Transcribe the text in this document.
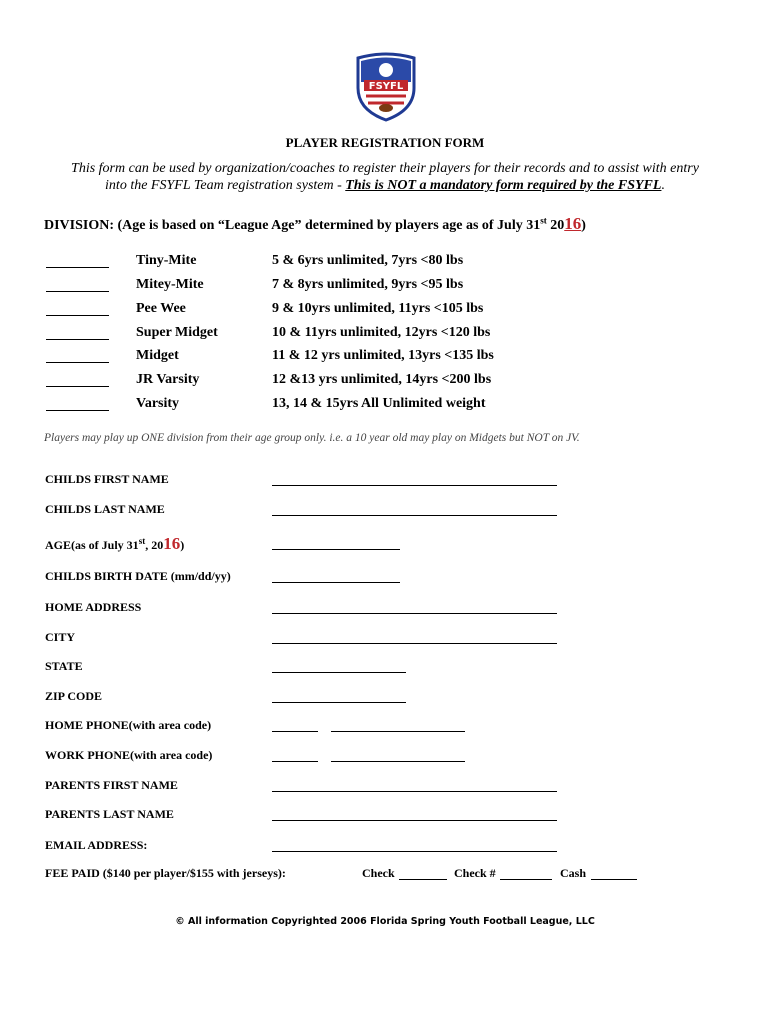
FSYFL
PLAYER REGISTRATION FORM
This form can be used by organization/coaches to register their players for their records and to assist with entry
into the FSYFL Team registration system - This is NOT a mandatory form required by the FSYFL.
DIVISION: (Age is based on “League Age” determined by players age as of July 31st 2016)
Tiny-Mite	5 & 6yrs unlimited, 7yrs <80 lbs
Mitey-Mite	7 & 8yrs unlimited, 9yrs <95 lbs
Pee Wee	9 & 10yrs unlimited, 11yrs <105 lbs
Super Midget	10 & 11yrs unlimited, 12yrs <120 lbs
Midget	11 & 12 yrs unlimited, 13yrs <135 lbs
JR Varsity	12 &13 yrs unlimited, 14yrs <200 lbs
Varsity	13, 14 & 15yrs All Unlimited weight
Players may play up ONE division from their age group only. i.e. a 10 year old may play on Midgets but NOT on JV.
CHILDS FIRST NAME
CHILDS LAST NAME
AGE(as of July 31st, 2016)
CHILDS BIRTH DATE (mm/dd/yy)
HOME ADDRESS
CITY
STATE
ZIP CODE
HOME PHONE(with area code)
WORK PHONE(with area code)
PARENTS FIRST NAME
PARENTS LAST NAME
EMAIL ADDRESS:
FEE PAID ($140 per player/$155 with jerseys):	Check	Check #	Cash
© All information Copyrighted 2006 Florida Spring Youth Football League, LLC
